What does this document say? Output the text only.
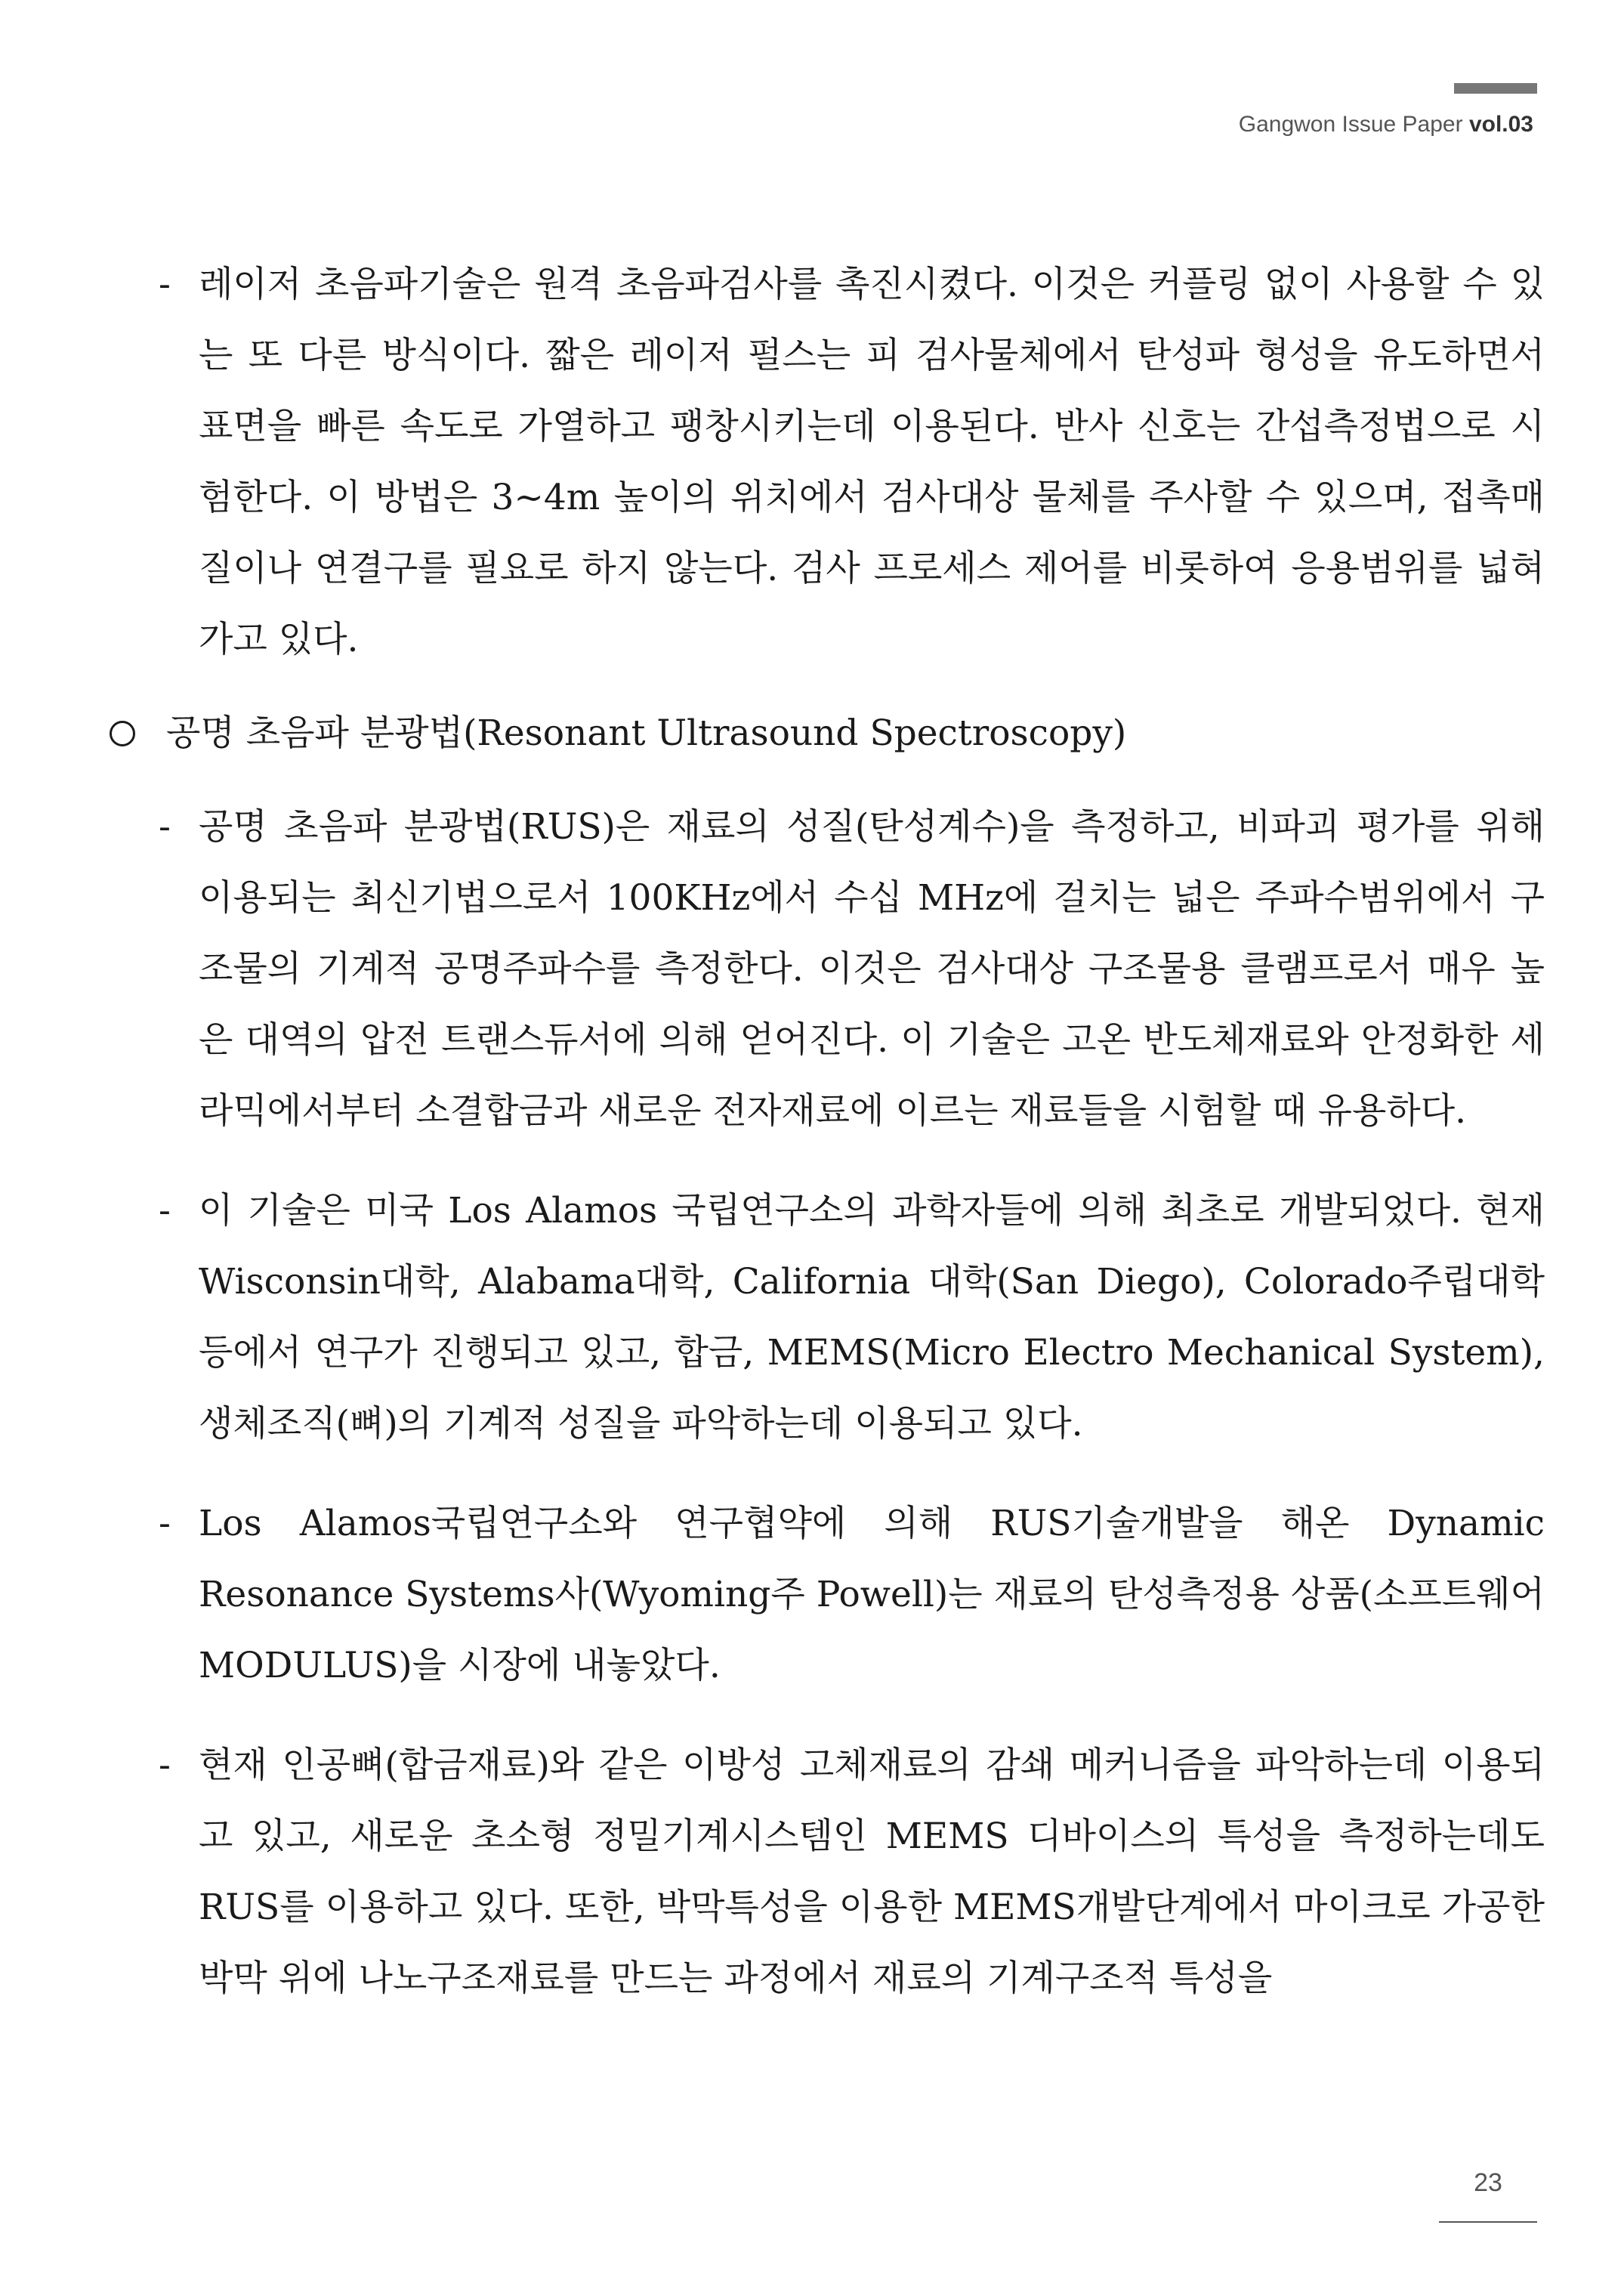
Gangwon Issue Paper vol.03
- 레이저 초음파기술은 원격 초음파검사를 촉진시켰다. 이것은 커플링 없이 사용할 수 있는 또 다른 방식이다. 짧은 레이저 펄스는 피 검사물체에서 탄성파 형성을 유도하면서 표면을 빠른 속도로 가열하고 팽창시키는데 이용된다. 반사 신호는 간섭측정법으로 시험한다. 이 방법은 3~4m 높이의 위치에서 검사대상 물체를 주사할 수 있으며, 접촉매질이나 연결구를 필요로 하지 않는다. 검사 프로세스 제어를 비롯하여 응용범위를 넓혀가고 있다.
공명 초음파 분광법(Resonant Ultrasound Spectroscopy)
- 공명 초음파 분광법(RUS)은 재료의 성질(탄성계수)을 측정하고, 비파괴 평가를 위해 이용되는 최신기법으로서 100KHz에서 수십 MHz에 걸치는 넓은 주파수범위에서 구조물의 기계적 공명주파수를 측정한다. 이것은 검사대상 구조물용 클램프로서 매우 높은 대역의 압전 트랜스듀서에 의해 얻어진다. 이 기술은 고온 반도체재료와 안정화한 세라믹에서부터 소결합금과 새로운 전자재료에 이르는 재료들을 시험할 때 유용하다.
- 이 기술은 미국 Los Alamos 국립연구소의 과학자들에 의해 최초로 개발되었다. 현재 Wisconsin대학, Alabama대학, California 대학(San Diego), Colorado주립대학 등에서 연구가 진행되고 있고, 합금, MEMS(Micro Electro Mechanical System), 생체조직(뼈)의 기계적 성질을 파악하는데 이용되고 있다.
- Los Alamos국립연구소와 연구협약에 의해 RUS기술개발을 해온 Dynamic Resonance Systems사(Wyoming주 Powell)는 재료의 탄성측정용 상품(소프트웨어 MODULUS)을 시장에 내놓았다.
- 현재 인공뼈(합금재료)와 같은 이방성 고체재료의 감쇄 메커니즘을 파악하는데 이용되고 있고, 새로운 초소형 정밀기계시스템인 MEMS 디바이스의 특성을 측정하는데도 RUS를 이용하고 있다. 또한, 박막특성을 이용한 MEMS개발단계에서 마이크로 가공한 박막 위에 나노구조재료를 만드는 과정에서 재료의 기계구조적 특성을
23
